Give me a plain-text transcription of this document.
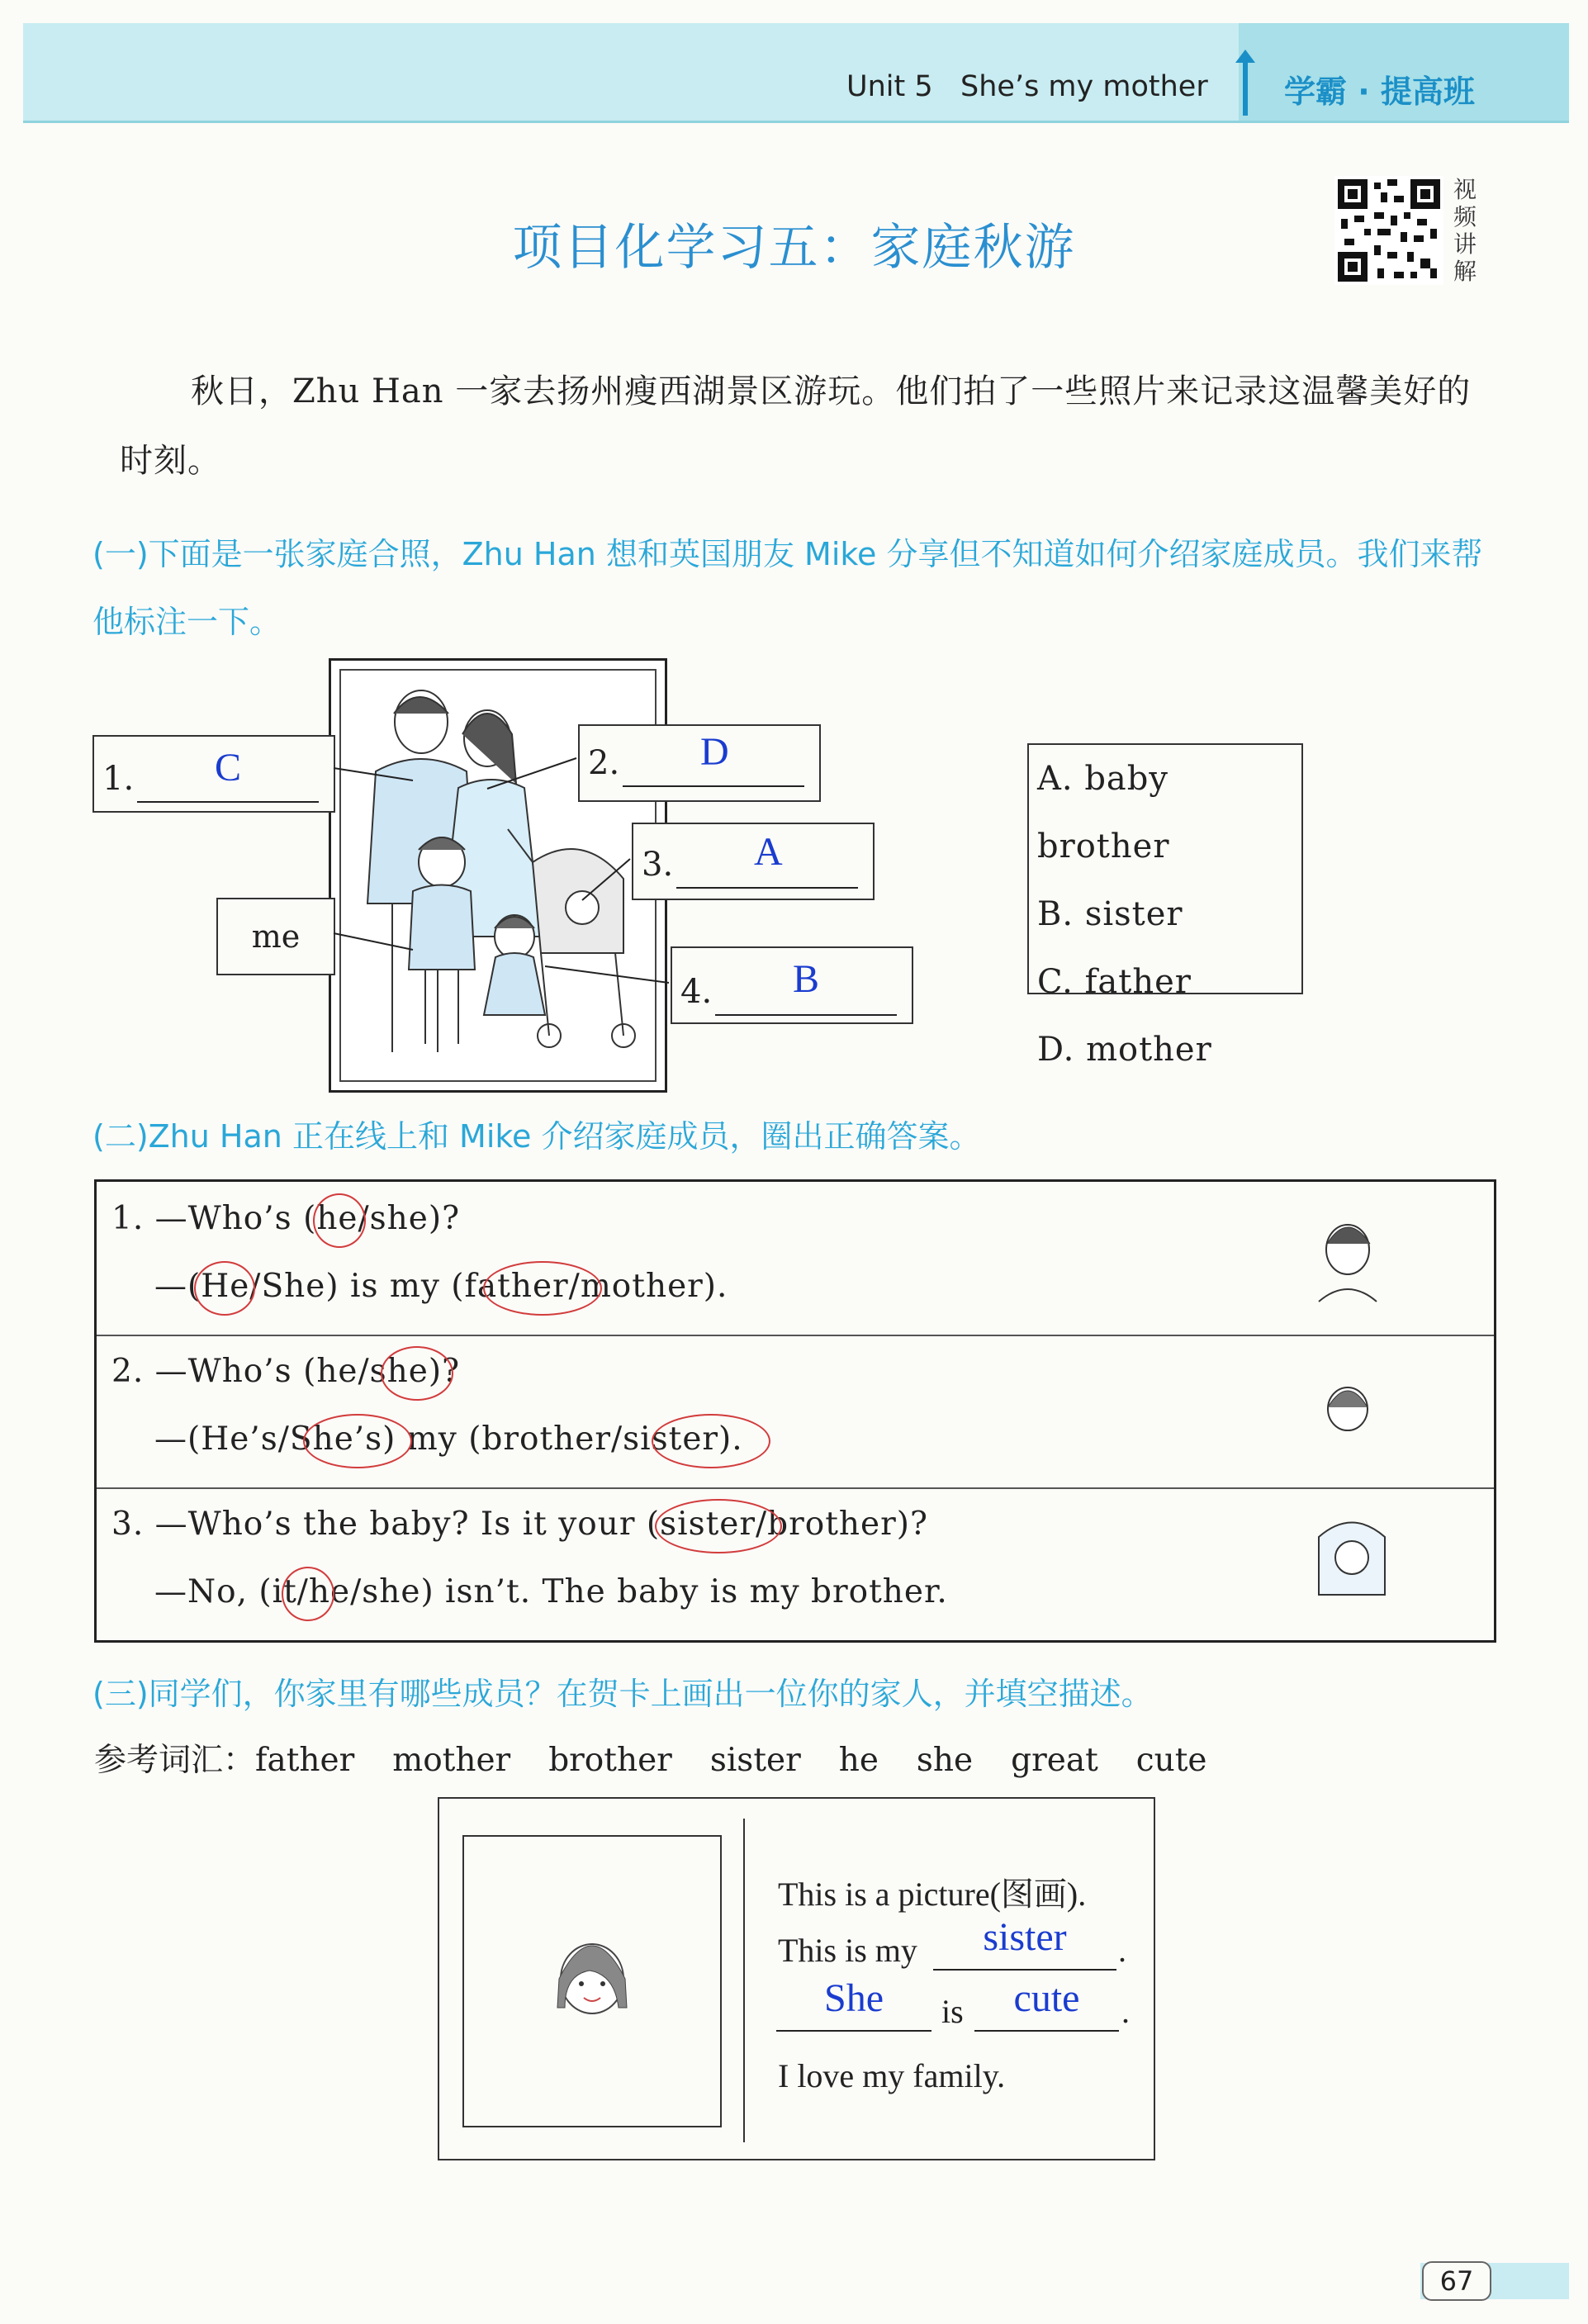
Unit 5   She’s my mother 学霸 · 提高班
项目化学习五：家庭秋游
视频讲解
秋日，Zhu Han 一家去扬州瘦西湖景区游玩。他们拍了一些照片来记录这温馨美好的时刻。
(一)下面是一张家庭合照，Zhu Han 想和英国朋友 Mike 分享但不知道如何介绍家庭成员。我们来帮他标注一下。
1. C	2. D
3. A
4. B
me
A. baby brother
B. sister
C. father
D. mother
(二)Zhu Han 正在线上和 Mike 介绍家庭成员，圈出正确答案。
1. —Who’s (he/she)?
—(He/She) is my (father/mother).
2. —Who’s (he/she)?
—(He’s/She’s) my (brother/sister).
3. —Who’s the baby? Is it your (sister/brother)?
—No, (it/he/she) isn’t. The baby is my brother.
(三)同学们，你家里有哪些成员？在贺卡上画出一位你的家人，并填空描述。
参考词汇：father mother brother sister he she great cute
This is a picture(图画).
This is my	sister	.
She	is	cute	.
I love my family.
67
